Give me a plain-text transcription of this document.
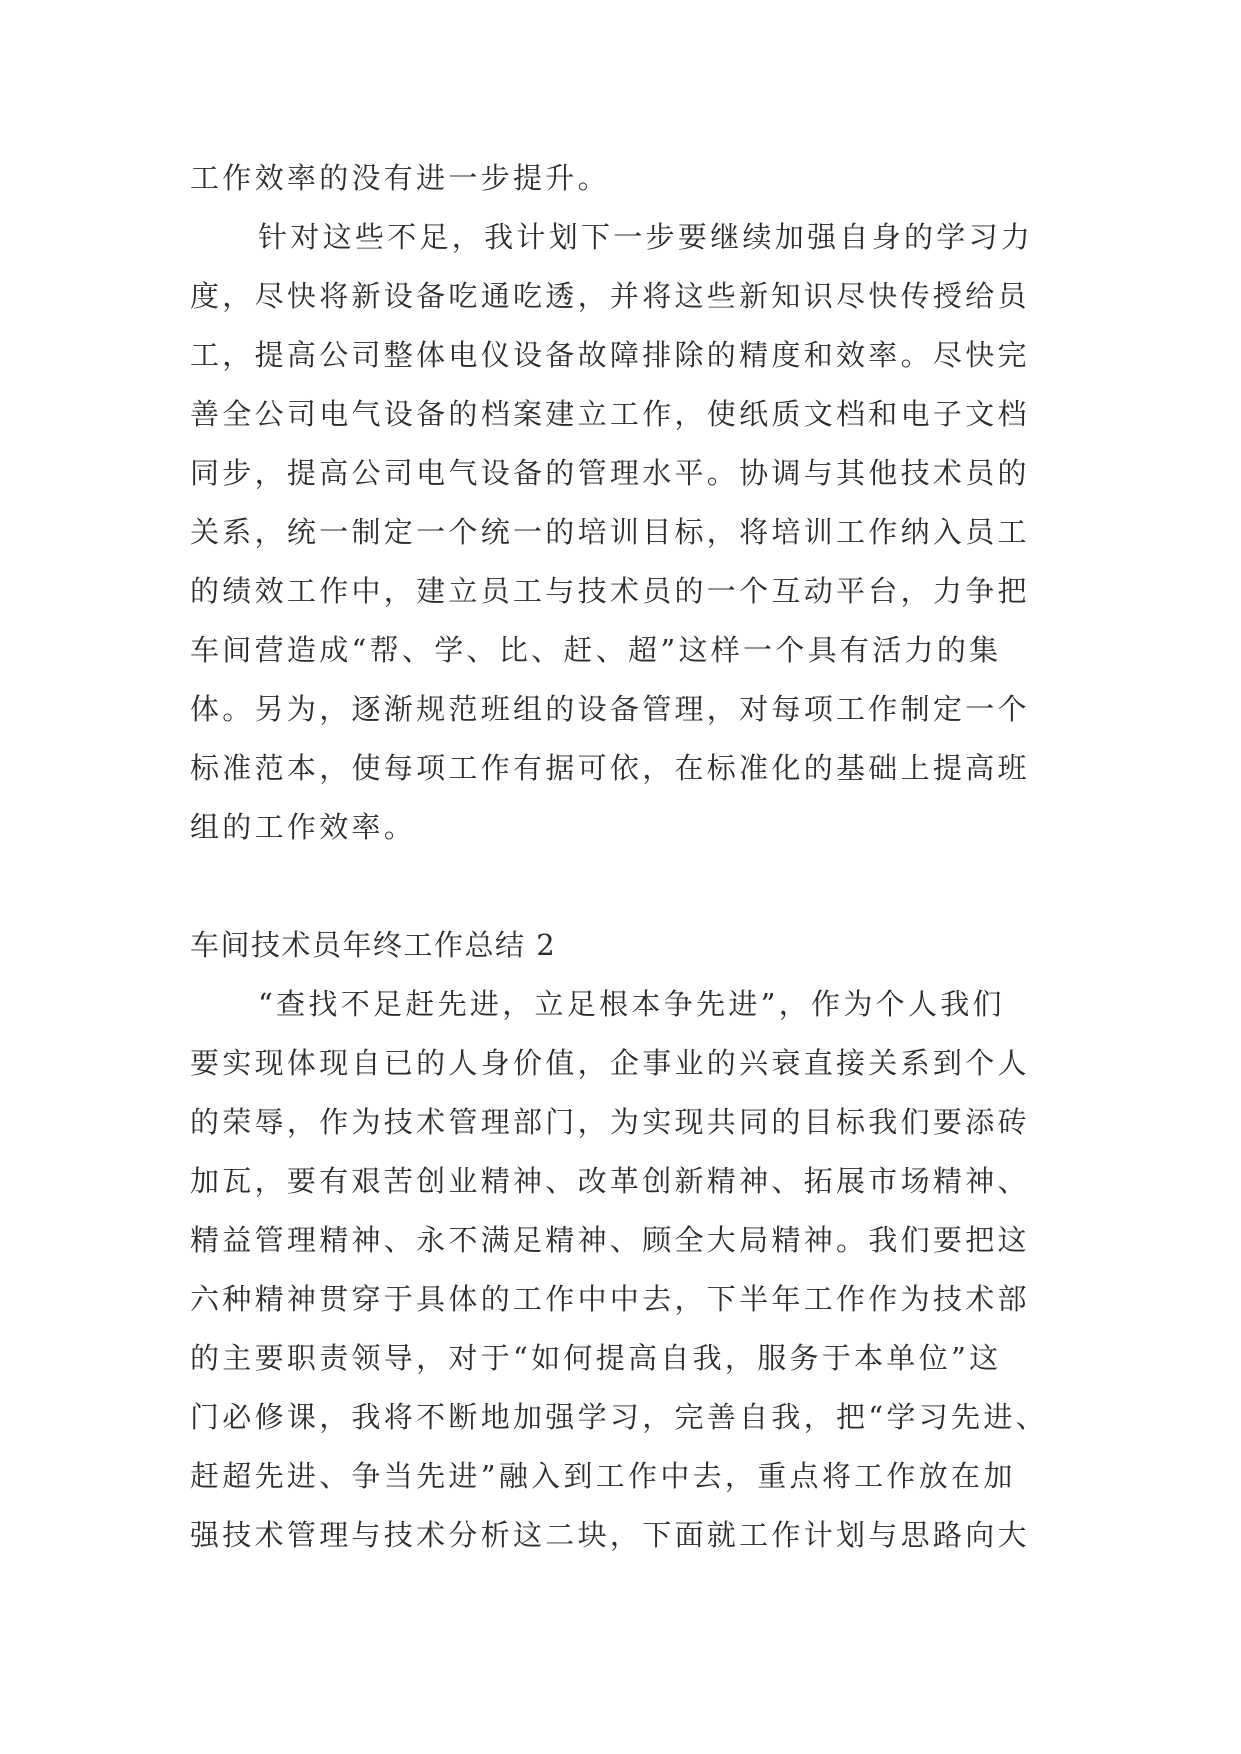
工作效率的没有进一步提升。
针对这些不足，我计划下一步要继续加强自身的学习力
度，尽快将新设备吃通吃透，并将这些新知识尽快传授给员
工，提高公司整体电仪设备故障排除的精度和效率。尽快完
善全公司电气设备的档案建立工作，使纸质文档和电子文档
同步，提高公司电气设备的管理水平。协调与其他技术员的
关系，统一制定一个统一的培训目标，将培训工作纳入员工
的绩效工作中，建立员工与技术员的一个互动平台，力争把
车间营造成“帮、学、比、赶、超”这样一个具有活力的集
体。另为，逐渐规范班组的设备管理，对每项工作制定一个
标准范本，使每项工作有据可依，在标准化的基础上提高班
组的工作效率。
车间技术员年终工作总结 2
“查找不足赶先进，立足根本争先进”，作为个人我们
要实现体现自已的人身价值，企事业的兴衰直接关系到个人
的荣辱，作为技术管理部门，为实现共同的目标我们要添砖
加瓦，要有艰苦创业精神、改革创新精神、拓展市场精神、
精益管理精神、永不满足精神、顾全大局精神。我们要把这
六种精神贯穿于具体的工作中中去，下半年工作作为技术部
的主要职责领导，对于“如何提高自我，服务于本单位”这
门必修课，我将不断地加强学习，完善自我，把“学习先进、
赶超先进、争当先进”融入到工作中去，重点将工作放在加
强技术管理与技术分析这二块，下面就工作计划与思路向大
